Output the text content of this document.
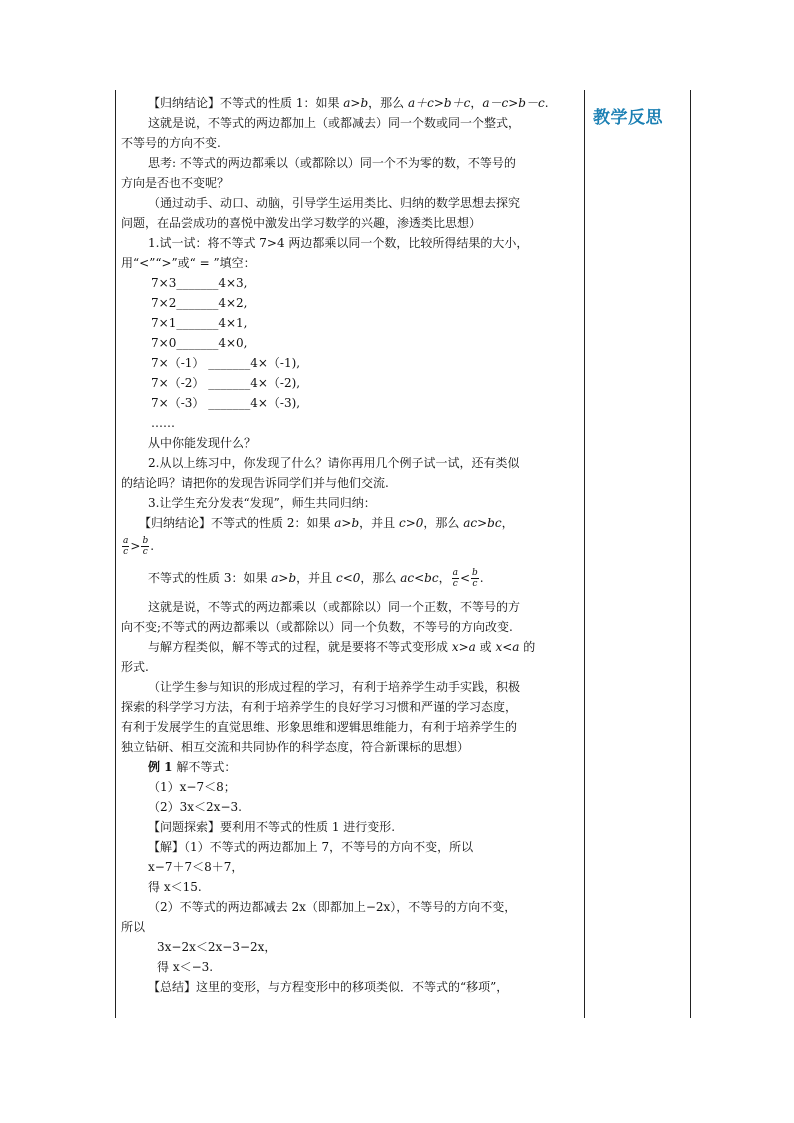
教学反思
【归纳结论】不等式的性质 1：如果 a>b，那么 a＋c>b＋c，a－c>b－c.
这就是说，不等式的两边都加上（或都减去）同一个数或同一个整式，
不等号的方向不变.
思考: 不等式的两边都乘以（或都除以）同一个不为零的数，不等号的
方向是否也不变呢？
（通过动手、动口、动脑，引导学生运用类比、归纳的数学思想去探究
问题，在品尝成功的喜悦中激发出学习数学的兴趣，渗透类比思想）
1.试一试：将不等式 7>4 两边都乘以同一个数，比较所得结果的大小，
用“<”“>”或“ = ”填空：
7×3_______4×3,
7×2_______4×2,
7×1_______4×1,
7×0_______4×0,
7×（-1） _______4×（-1),
7×（-2） _______4×（-2),
7×（-3） _______4×（-3),
……
从中你能发现什么？
2.从以上练习中，你发现了什么？请你再用几个例子试一试，还有类似
的结论吗？请把你的发现告诉同学们并与他们交流.
3.让学生充分发表“发现”，师生共同归纳：
【归纳结论】不等式的性质 2：如果 a>b，并且 c>0，那么 ac>bc，
$\frac{a}{c} > \frac{b}{c}$ .
不等式的性质 3：如果 a>b，并且 c<0，那么 ac<bc， $\frac{a}{c} < \frac{b}{c}$ .
这就是说，不等式的两边都乘以（或都除以）同一个正数，不等号的方
向不变;不等式的两边都乘以（或都除以）同一个负数，不等号的方向改变.
与解方程类似，解不等式的过程，就是要将不等式变形成 x>a 或 x<a 的
形式.
（让学生参与知识的形成过程的学习，有利于培养学生动手实践，积极
探索的科学学习方法，有利于培养学生的良好学习习惯和严谨的学习态度，
有利于发展学生的直觉思维、形象思维和逻辑思维能力，有利于培养学生的
独立钻研、相互交流和共同协作的科学态度，符合新课标的思想）
例 1 解不等式：
（1）x−7＜8；
（2）3x＜2x−3.
【问题探索】要利用不等式的性质 1 进行变形.
【解】（1）不等式的两边都加上 7，不等号的方向不变，所以
x−7＋7＜8＋7，
得 x＜15.
（2）不等式的两边都减去 2x（即都加上−2x），不等号的方向不变，
所以
3x−2x＜2x−3−2x，
得 x＜−3.
【总结】这里的变形，与方程变形中的移项类似．不等式的“移项”，
